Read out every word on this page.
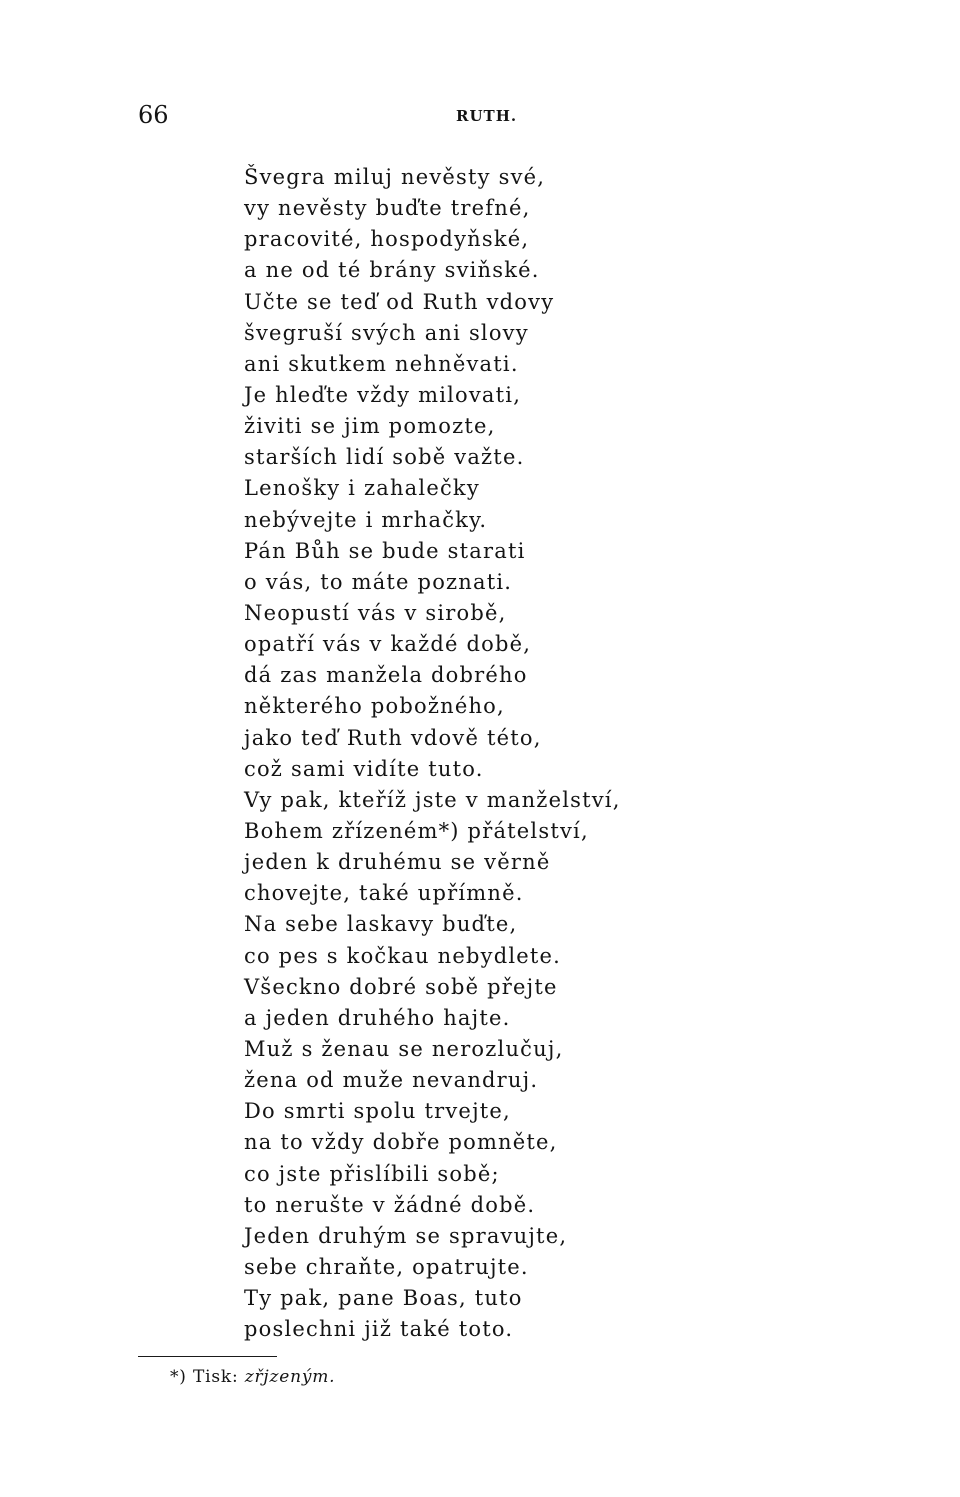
66	RUTH.
Švegra miluj nevěsty své,
vy nevěsty buďte trefné,
pracovité, hospodyňské,
a ne od té brány sviňské.
Učte se teď od Ruth vdovy
švegruší svých ani slovy
ani skutkem nehněvati.
Je hleďte vždy milovati,
živiti se jim pomozte,
starších lidí sobě važte.
Lenošky i zahalečky
nebývejte i mrhačky.
Pán Bůh se bude starati
o vás, to máte poznati.
Neopustí vás v sirobě,
opatří vás v každé době,
dá zas manžela dobrého
některého pobožného,
jako teď Ruth vdově této,
což sami vidíte tuto.
Vy pak, kteříž jste v manželství,
Bohem zřízeném*) přátelství,
jeden k druhému se věrně
chovejte, také upřímně.
Na sebe laskavy buďte,
co pes s kočkau nebydlete.
Všeckno dobré sobě přejte
a jeden druhého hajte.
Muž s ženau se nerozlučuj,
žena od muže nevandruj.
Do smrti spolu trvejte,
na to vždy dobře pomněte,
co jste přislíbili sobě;
to nerušte v žádné době.
Jeden druhým se spravujte,
sebe chraňte, opatrujte.
Ty pak, pane Boas, tuto
poslechni již také toto.
*) Tisk: zřjzeným.
